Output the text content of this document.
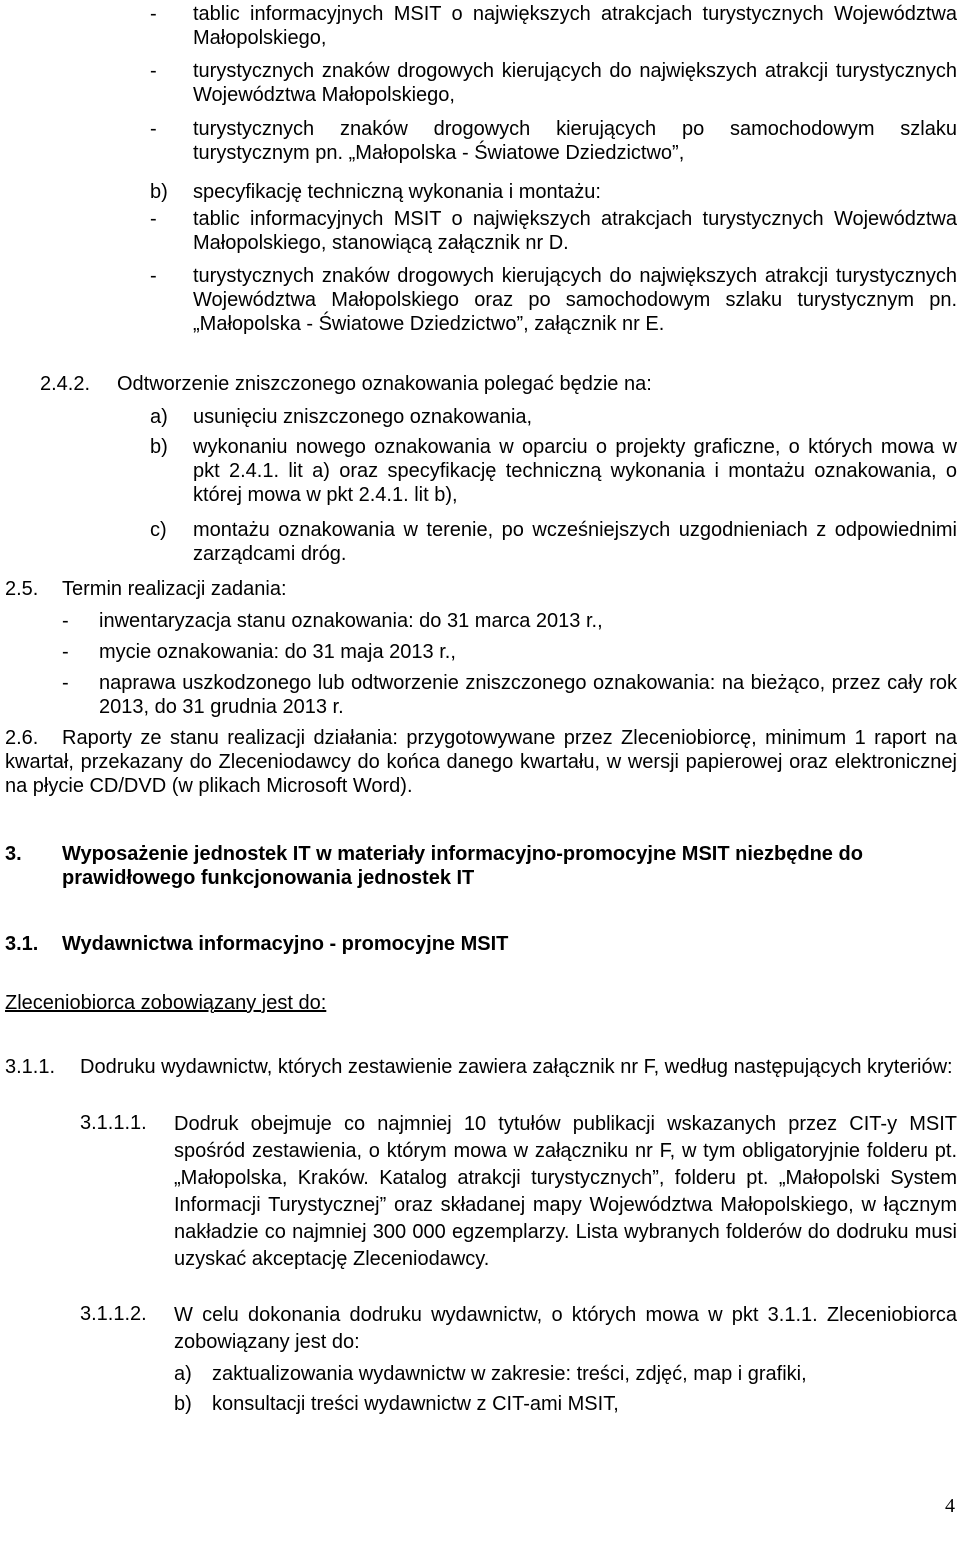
- tablic informacyjnych MSIT o największych atrakcjach turystycznych Województwa Małopolskiego,
- turystycznych znaków drogowych kierujących do największych atrakcji turystycznych Województwa Małopolskiego,
- turystycznych znaków drogowych kierujących po samochodowym szlaku turystycznym pn. „Małopolska - Światowe Dziedzictwo”,
b) specyfikację techniczną wykonania i montażu:
- tablic informacyjnych MSIT o największych atrakcjach turystycznych Województwa Małopolskiego, stanowiącą załącznik nr D.
- turystycznych znaków drogowych kierujących do największych atrakcji turystycznych Województwa Małopolskiego oraz po samochodowym szlaku turystycznym pn. „Małopolska - Światowe Dziedzictwo”, załącznik nr E.
2.4.2. Odtworzenie zniszczonego oznakowania polegać będzie na:
a) usunięciu zniszczonego oznakowania,
b) wykonaniu nowego oznakowania w oparciu o projekty graficzne, o których mowa w pkt 2.4.1. lit a) oraz specyfikację techniczną wykonania i montażu oznakowania, o której mowa w pkt 2.4.1. lit b),
c) montażu oznakowania w terenie, po wcześniejszych uzgodnieniach z odpowiednimi zarządcami dróg.
2.5. Termin realizacji zadania:
- inwentaryzacja stanu oznakowania: do 31 marca 2013 r.,
- mycie oznakowania: do 31 maja 2013 r.,
- naprawa uszkodzonego lub odtworzenie zniszczonego oznakowania: na bieżąco, przez cały rok 2013, do 31 grudnia 2013 r.
2.6.	Raporty ze stanu realizacji działania: przygotowywane przez Zleceniobiorcę, minimum 1 raport na kwartał, przekazany do Zleceniodawcy do końca danego kwartału, w wersji papierowej oraz elektronicznej na płycie CD/DVD (w plikach Microsoft Word).
3. Wyposażenie jednostek IT w materiały informacyjno-promocyjne MSIT niezbędne do prawidłowego funkcjonowania jednostek IT
3.1. Wydawnictwa informacyjno - promocyjne MSIT
Zleceniobiorca zobowiązany jest do:
3.1.1. Dodruku wydawnictw, których zestawienie zawiera załącznik nr F, według następujących kryteriów:
3.1.1.1. Dodruk obejmuje co najmniej 10 tytułów publikacji wskazanych przez CIT-y MSIT spośród zestawienia, o którym mowa w załączniku nr F, w tym obligatoryjnie folderu pt. „Małopolska, Kraków. Katalog atrakcji turystycznych”, folderu pt. „Małopolski System Informacji Turystycznej” oraz składanej mapy Województwa Małopolskiego, w łącznym nakładzie co najmniej 300 000 egzemplarzy. Lista wybranych folderów do dodruku musi uzyskać akceptację Zleceniodawcy.
3.1.1.2. W celu dokonania dodruku wydawnictw, o których mowa w pkt 3.1.1. Zleceniobiorca zobowiązany jest do:
a) zaktualizowania wydawnictw w zakresie: treści, zdjęć, map i grafiki,
b) konsultacji treści wydawnictw z CIT-ami MSIT,
4
